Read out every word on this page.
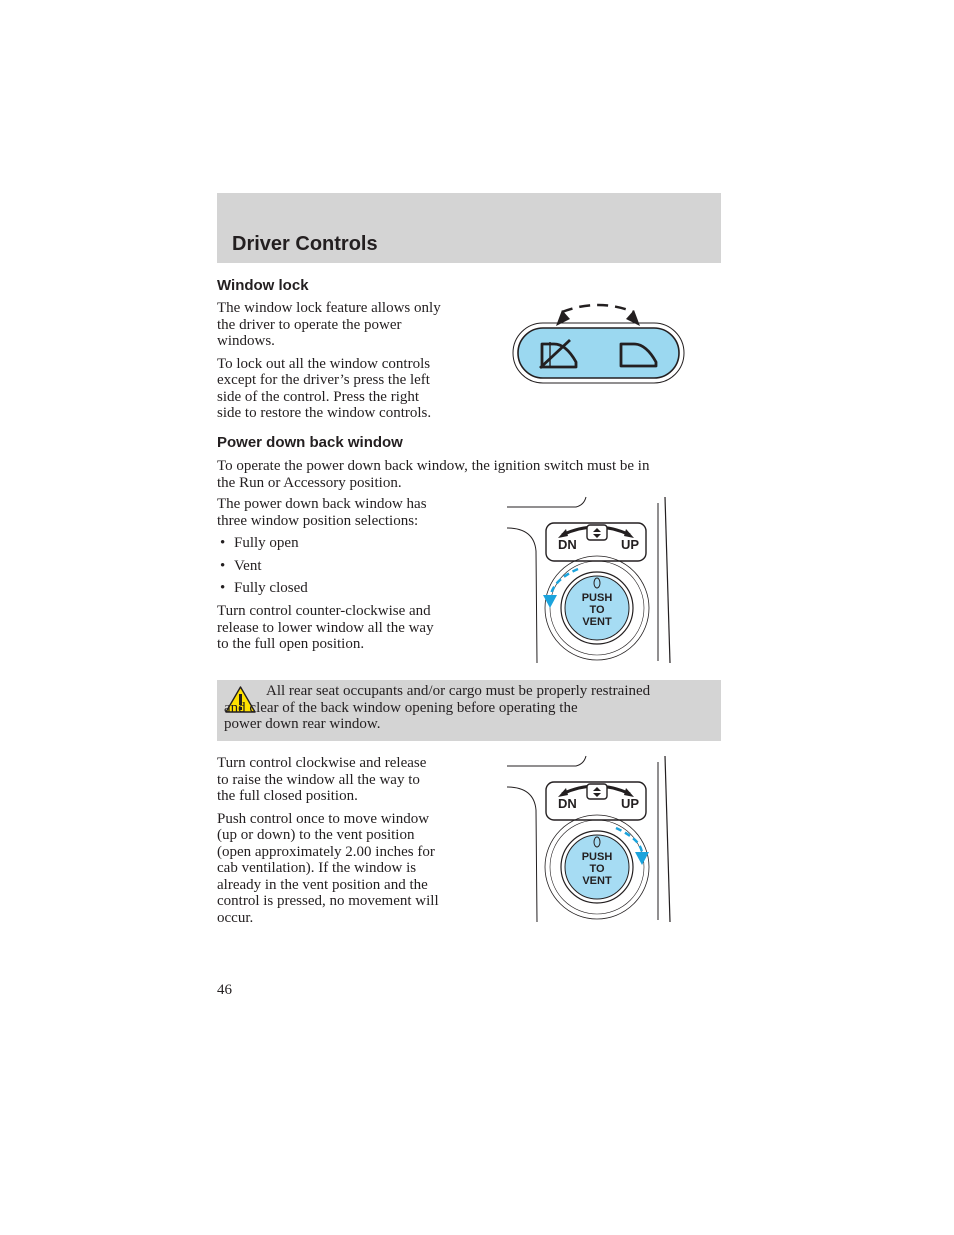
Driver Controls
Window lock

The window lock feature allows only
the driver to operate the power
windows.

To lock out all the window controls
except for the driver’s press the left
side of the control. Press the right
side to restore the window controls.

Power down back window
To operate the power down back window, the ignition switch must be in
the Run or Accessory position.

The power down back window has
three window position selections:

• Fully open
• Vent
• Fully closed

Turn control counter-clockwise and
release to lower window all the way
to the full open position.

DN	UP
PUSH
TO
VENT
All rear seat occupants and/or cargo must be properly restrained
and clear of the back window opening before operating the
power down rear window.

Turn control clockwise and release
to raise the window all the way to
the full closed position.

Push control once to move window
(up or down) to the vent position
(open approximately 2.00 inches for
cab ventilation). If the window is
already in the vent position and the
control is pressed, no movement will
occur.

DN	UP
PUSH
TO
VENT
46
